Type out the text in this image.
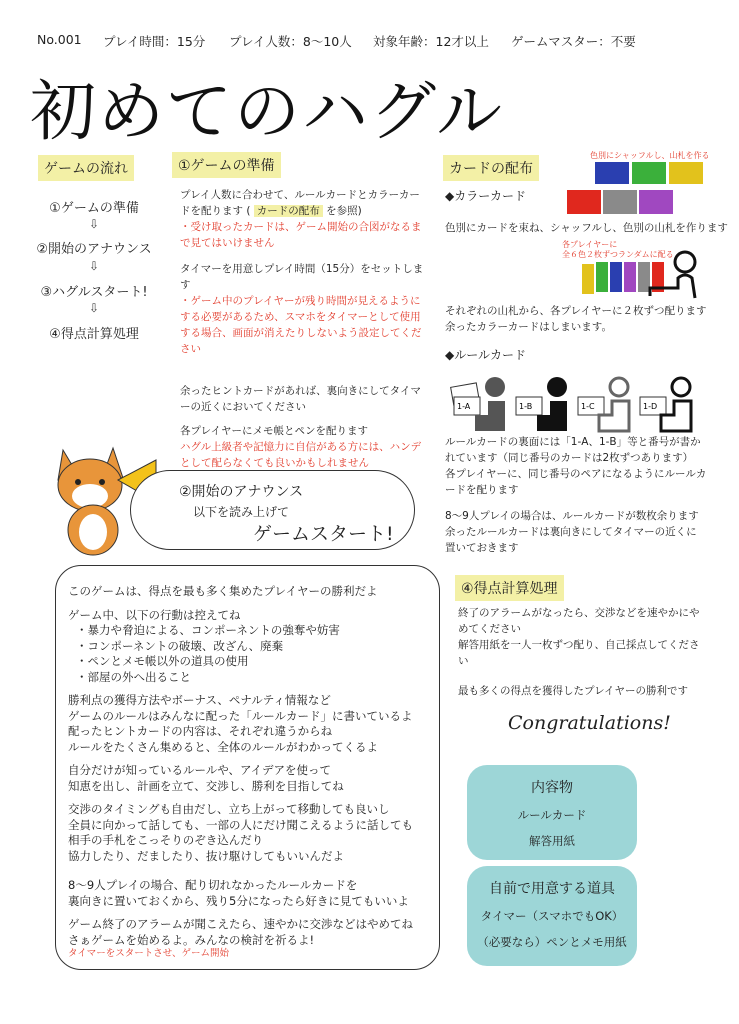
No.001 プレイ時間：15分 プレイ人数：8〜10人 対象年齢：12才以上 ゲームマスター：不要
初めてのハグル
ゲームの流れ
①ゲームの準備
⇩
②開始のアナウンス
⇩
③ハグルスタート!
⇩
④得点計算処理
①ゲームの準備
プレイ人数に合わせて、ルールカードとカラーカードを配ります ( カードの配布 を参照)
・受け取ったカードは、ゲーム開始の合図がなるまで見てはいけません
タイマーを用意しプレイ時間（15分）をセットします
・ゲーム中のプレイヤーが残り時間が見えるようにする必要があるため、スマホをタイマーとして使用する場合、画面が消えたりしないよう設定してください
余ったヒントカードがあれば、裏向きにしてタイマーの近くにおいてください
各プレイヤーにメモ帳とペンを配ります
ハグル上級者や記憶力に自信がある方には、ハンデとして配らなくても良いかもしれません
カードの配布
色別にシャッフルし、山札を作る
◆カラーカード
色別にカードを束ね、シャッフルし、色別の山札を作ります
各プレイヤーに
全６色２枚ずつランダムに配る
それぞれの山札から、各プレイヤーに２枚ずつ配ります
余ったカラーカードはしまいます。
◆ルールカード
1-A	1-B	1-C	1-D
ルールカードの裏面には「1-A、1-B」等と番号が書かれています（同じ番号のカードは2枚ずつあります）
各プレイヤーに、同じ番号のペアになるようにルールカードを配ります
8〜9人プレイの場合は、ルールカードが数枚余ります
余ったルールカードは裏向きにしてタイマーの近くに置いておきます
②開始のアナウンス
以下を読み上げて
ゲームスタート!

このゲームは、得点を最も多く集めたプレイヤーの勝利だよ

ゲーム中、以下の行動は控えてね

・暴力や脅迫による、コンポーネントの強奪や妨害

・コンポーネントの破壊、改ざん、廃棄

・ペンとメモ帳以外の道具の使用

・部屋の外へ出ること

勝利点の獲得方法やボーナス、ペナルティ情報など

ゲームのルールはみんなに配った「ルールカード」に書いているよ

配ったヒントカードの内容は、それぞれ違うからね

ルールをたくさん集めると、全体のルールがわかってくるよ

自分だけが知っているルールや、アイデアを使って

知恵を出し、計画を立て、交渉し、勝利を目指してね

交渉のタイミングも自由だし、立ち上がって移動しても良いし

全員に向かって話しても、一部の人にだけ聞こえるように話しても

相手の手札をこっそりのぞき込んだり

協力したり、だましたり、抜け駆けしてもいいんだよ

8〜9人プレイの場合、配り切れなかったルールカードを

裏向きに置いておくから、残り5分になったら好きに見てもいいよ

ゲーム終了のアラームが聞こえたら、速やかに交渉などはやめてね

さぁゲームを始めるよ。みんなの検討を祈るよ!

タイマーをスタートさせ、ゲーム開始

④得点計算処理
終了のアラームがなったら、交渉などを速やかにやめてください
解答用紙を一人一枚ずつ配り、自己採点してください
最も多くの得点を獲得したプレイヤーの勝利です
Congratulations!
内容物
ルールカード
解答用紙
自前で用意する道具
タイマー（スマホでもOK）
（必要なら）ペンとメモ用紙
